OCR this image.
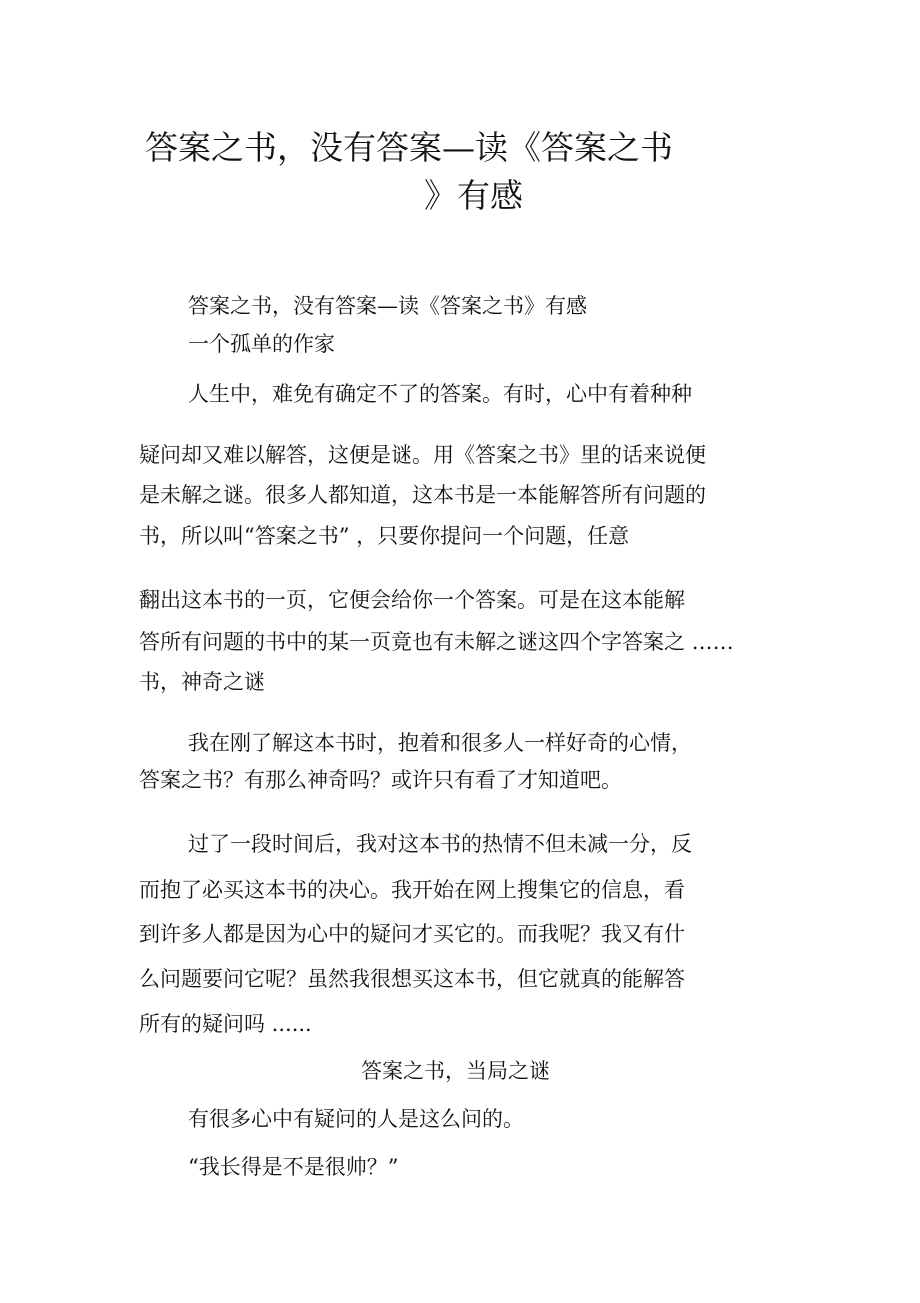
答案之书，没有答案—读《答案之书
》有感
答案之书，没有答案—读《答案之书》有感
一个孤单的作家
人生中，难免有确定不了的答案。有时，心中有着种种
疑问却又难以解答，这便是谜。用《答案之书》里的话来说便
是未解之谜。很多人都知道，这本书是一本能解答所有问题的
书，所以叫“答案之书” ，只要你提问一个问题，任意
翻出这本书的一页，它便会给你一个答案。可是在这本能解
答所有问题的书中的某一页竟也有未解之谜这四个字答案之 ……
书，神奇之谜
我在刚了解这本书时，抱着和很多人一样好奇的心情，
答案之书？有那么神奇吗？或许只有看了才知道吧。
过了一段时间后，我对这本书的热情不但未减一分，反
而抱了必买这本书的决心。我开始在网上搜集它的信息，看
到许多人都是因为心中的疑问才买它的。而我呢？我又有什
么问题要问它呢？虽然我很想买这本书，但它就真的能解答
所有的疑问吗 ......
答案之书，当局之谜
有很多心中有疑问的人是这么问的。
“我长得是不是很帅？”
